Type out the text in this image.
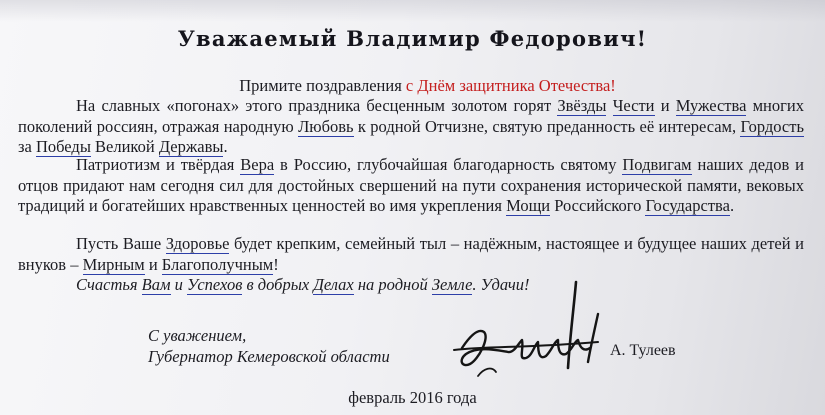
Уважаемый Владимир Федорович!
Примите поздравления с Днём защитника Отечества!

На славных «погонах» этого праздника бесценным золотом горят Звёзды Чести и Мужества многих поколений россиян, отражая народную Любовь к родной Отчизне, святую преданность её интересам, Гордость за Победы Великой Державы.

Патриотизм и твёрдая Вера в Россию, глубочайшая благодарность святому Подвигам наших дедов и отцов придают нам сегодня сил для достойных свершений на пути сохранения исторической памяти, вековых традиций и богатейших нравственных ценностей во имя укрепления Мощи Российского Государства.

Пусть Ваше Здоровье будет крепким, семейный тыл – надёжным, настоящее и будущее наших детей и внуков – Мирным и Благополучным!

Счастья Вам и Успехов в добрых Делах на родной Земле. Удачи!

С уважением,
Губернатор Кемеровской области	А. Тулеев
февраль 2016 года
